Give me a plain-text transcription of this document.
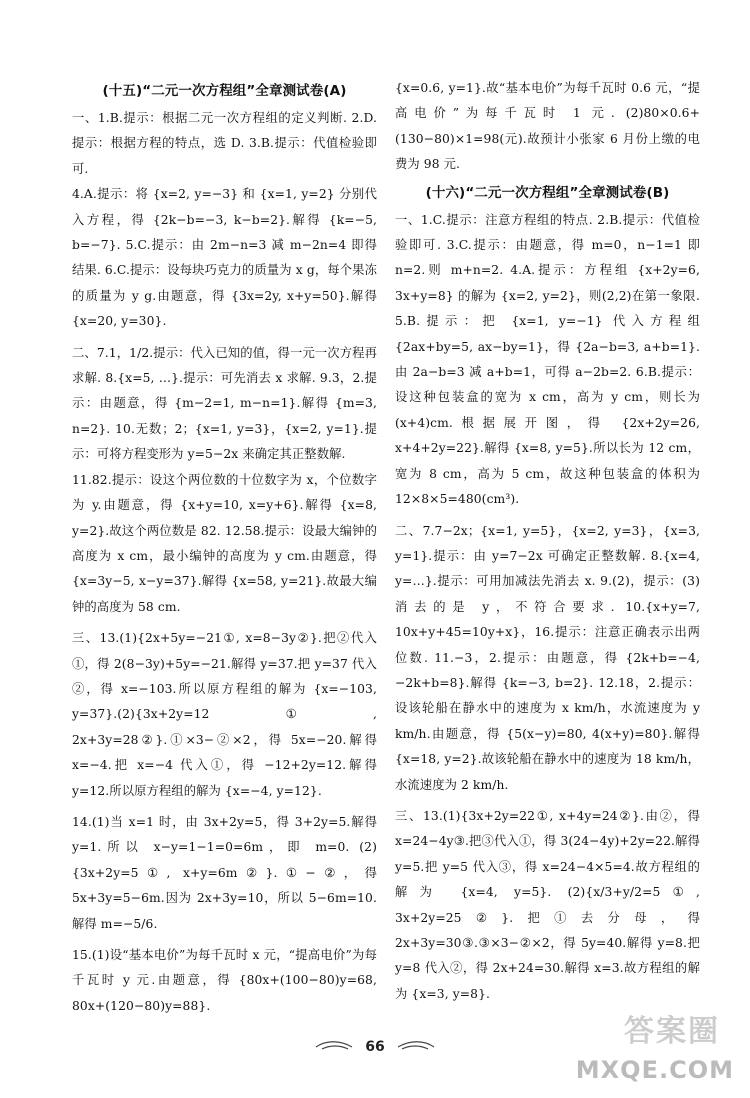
(十五)“二元一次方程组”全章测试卷(A)

一、1.B.提示：根据二元一次方程组的定义判断. 2.D.提示：根据方程的特点，选 D. 3.B.提示：代值检验即可.

4.A.提示：将 {x=2, y=−3} 和 {x=1, y=2} 分别代入方程，得 {2k−b=−3, k−b=2}.解得 {k=−5, b=−7}. 5.C.提示：由 2m−n=3 减 m−2n=4 即得结果. 6.C.提示：设每块巧克力的质量为 x g，每个果冻的质量为 y g.由题意，得 {3x=2y, x+y=50}.解得 {x=20, y=30}.

二、7.1，1/2.提示：代入已知的值，得一元一次方程再求解. 8.{x=5, …}.提示：可先消去 x 求解. 9.3，2.提示：由题意，得 {m−2=1, m−n=1}.解得 {m=3, n=2}. 10.无数；2；{x=1, y=3}，{x=2, y=1}.提示：可将方程变形为 y=5−2x 来确定其正整数解.

11.82.提示：设这个两位数的十位数字为 x，个位数字为 y.由题意，得 {x+y=10, x=y+6}.解得 {x=8, y=2}.故这个两位数是 82. 12.58.提示：设最大编钟的高度为 x cm，最小编钟的高度为 y cm.由题意，得 {x=3y−5, x−y=37}.解得 {x=58, y=21}.故最大编钟的高度为 58 cm.

三、13.(1){2x+5y=−21①, x=8−3y②}.把②代入①，得 2(8−3y)+5y=−21.解得 y=37.把 y=37 代入②，得 x=−103.所以原方程组的解为 {x=−103, y=37}.(2){3x+2y=12①, 2x+3y=28②}.①×3−②×2，得 5x=−20.解得 x=−4.把 x=−4 代入①，得 −12+2y=12.解得 y=12.所以原方程组的解为 {x=−4, y=12}.

14.(1)当 x=1 时，由 3x+2y=5，得 3+2y=5.解得 y=1.所以 x−y=1−1=0=6m，即 m=0. (2){3x+2y=5①, x+y=6m②}.①−②，得 5x+3y=5−6m.因为 2x+3y=10，所以 5−6m=10.解得 m=−5/6.

15.(1)设“基本电价”为每千瓦时 x 元，“提高电价”为每千瓦时 y 元.由题意，得 {80x+(100−80)y=68, 80x+(120−80)y=88}.

{x=0.6, y=1}.故“基本电价”为每千瓦时 0.6 元，“提高电价”为每千瓦时 1 元. (2)80×0.6+(130−80)×1=98(元).故预计小张家 6 月份上缴的电费为 98 元.

(十六)“二元一次方程组”全章测试卷(B)

一、1.C.提示：注意方程组的特点. 2.B.提示：代值检验即可. 3.C.提示：由题意，得 m=0，n−1=1 即 n=2.则 m+n=2. 4.A.提示：方程组 {x+2y=6, 3x+y=8} 的解为 {x=2, y=2}，则(2,2)在第一象限. 5.B.提示：把 {x=1, y=−1} 代入方程组 {2ax+by=5, ax−by=1}，得 {2a−b=3, a+b=1}.由 2a−b=3 减 a+b=1，可得 a−2b=2. 6.B.提示：设这种包装盒的宽为 x cm，高为 y cm，则长为(x+4)cm.根据展开图，得 {2x+2y=26, x+4+2y=22}.解得 {x=8, y=5}.所以长为 12 cm，宽为 8 cm，高为 5 cm，故这种包装盒的体积为 12×8×5=480(cm³).

二、7.7−2x；{x=1, y=5}，{x=2, y=3}，{x=3, y=1}.提示：由 y=7−2x 可确定正整数解. 8.{x=4, y=…}.提示：可用加减法先消去 x. 9.(2)，提示：(3)消去的是 y，不符合要求. 10.{x+y=7, 10x+y+45=10y+x}，16.提示：注意正确表示出两位数. 11.−3，2.提示：由题意，得 {2k+b=−4, −2k+b=8}.解得 {k=−3, b=2}. 12.18，2.提示：设该轮船在静水中的速度为 x km/h，水流速度为 y km/h.由题意，得 {5(x−y)=80, 4(x+y)=80}.解得 {x=18, y=2}.故该轮船在静水中的速度为 18 km/h，水流速度为 2 km/h.

三、13.(1){3x+2y=22①, x+4y=24②}.由②，得 x=24−4y③.把③代入①，得 3(24−4y)+2y=22.解得 y=5.把 y=5 代入③，得 x=24−4×5=4.故方程组的解为 {x=4, y=5}. (2){x/3+y/2=5①, 3x+2y=25②}.把①去分母，得 2x+3y=30③.③×3−②×2，得 5y=40.解得 y=8.把 y=8 代入②，得 2x+24=30.解得 x=3.故方程组的解为 {x=3, y=8}.

66	答案圈
MXQE.COM
